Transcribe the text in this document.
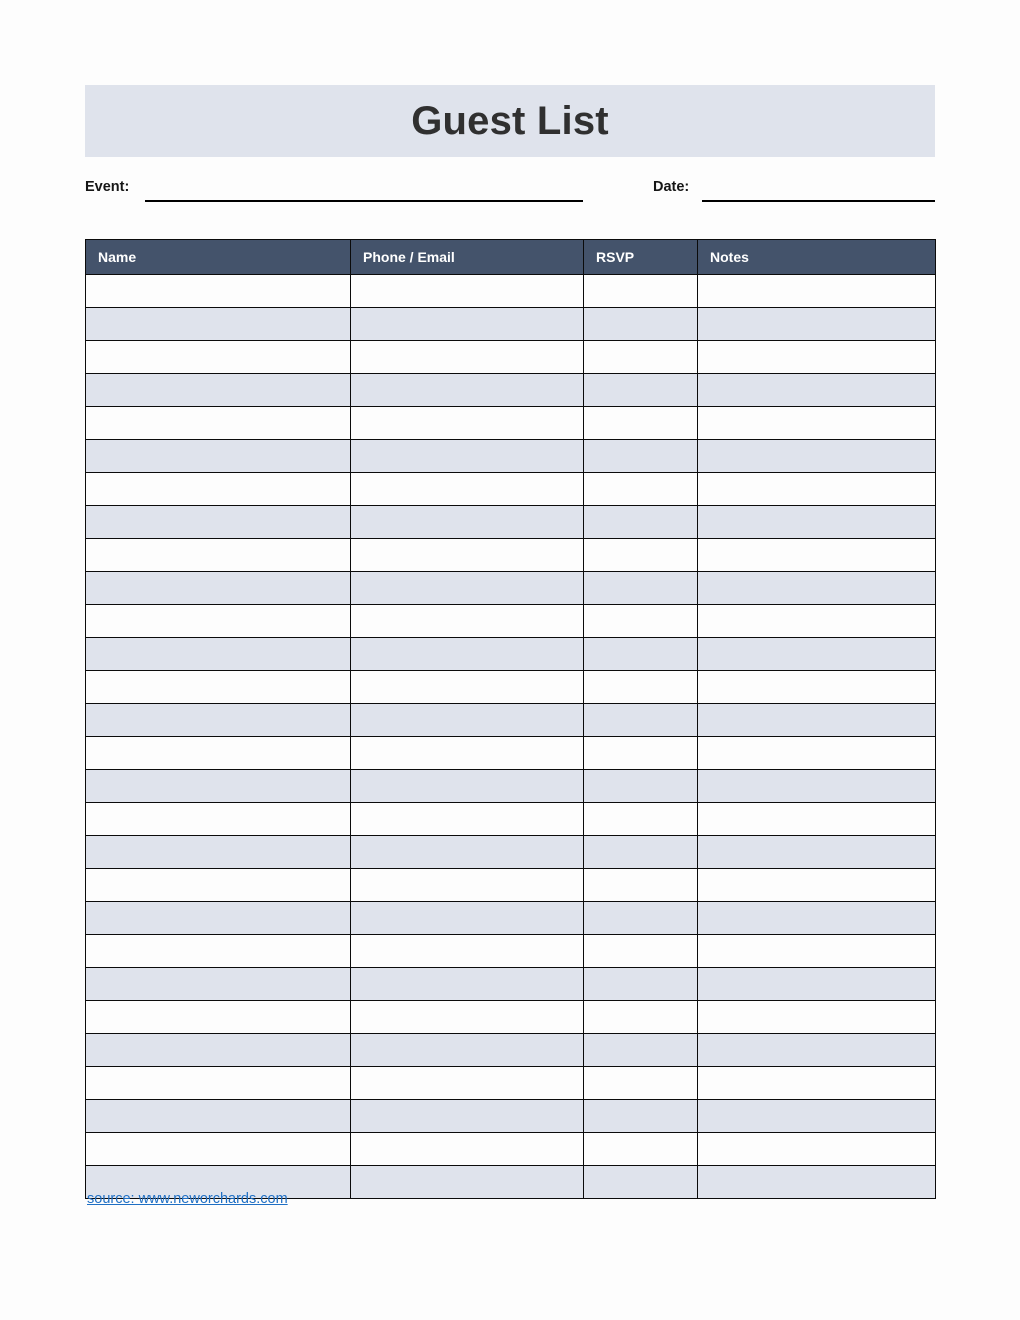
Guest List
Event:	Date:
Name	Phone / Email	RSVP	Notes

source: www.neworchards.com
